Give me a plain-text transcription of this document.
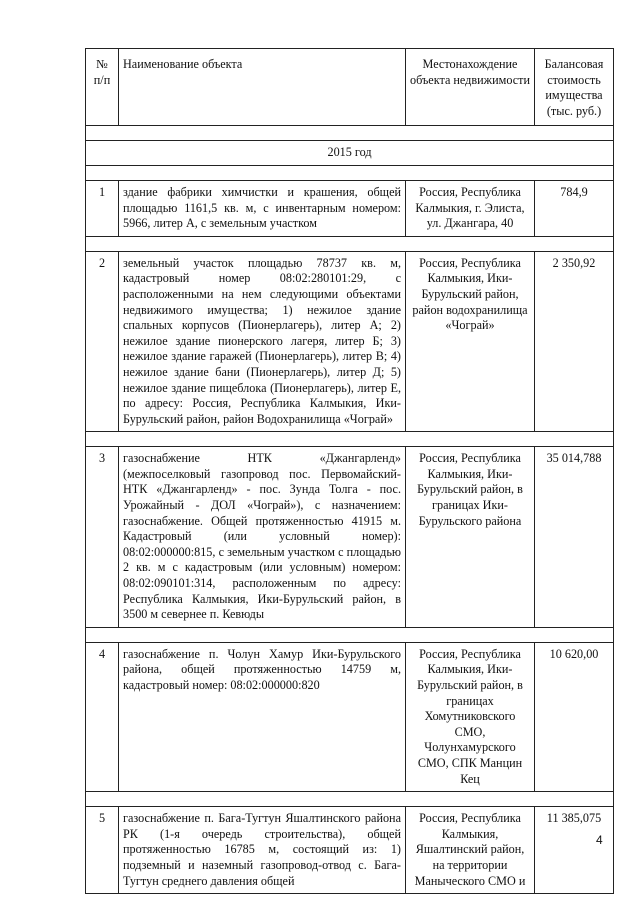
№ п/п	Наименование объекта	Местонахождение объекта недвижимости	Балансовая стоимость имущества (тыс. руб.)

2015 год			

1	здание фабрики химчистки и крашения, общей площадью 1161,5 кв. м, с инвентарным номером: 5966, литер А, с земельным участком	Россия, Республика Калмыкия, г. Элиста, ул. Джангара, 40	784,9

2	земельный участок площадью 78737 кв. м, кадастровый номер 08:02:280101:29, с расположенными на нем следующими объектами недвижимого имущества; 1) нежилое здание спальных корпусов (Пионерлагерь), литер А; 2) нежилое здание пионерского лагеря, литер Б; 3) нежилое здание гаражей (Пионерлагерь), литер В; 4) нежилое здание бани (Пионерлагерь), литер Д; 5) нежилое здание пищеблока (Пионерлагерь), литер Е, по адресу: Россия, Республика Калмыкия, Ики-Бурульский район, район Водохранилища «Чограй»	Россия, Республика Калмыкия, Ики-Бурульский район, район водохранилища «Чограй»	2 350,92

3	газоснабжение НТК «Джангарленд» (межпоселковый газопровод пос. Первомайский-НТК «Джангарленд» - пос. Зунда Толга - пос. Урожайный - ДОЛ «Чограй»), с назначением: газоснабжение. Общей протяженностью 41915 м. Кадастровый (или условный номер): 08:02:000000:815, с земельным участком с площадью 2 кв. м с кадастровым (или условным) номером: 08:02:090101:314, расположенным по адресу: Республика Калмыкия, Ики-Бурульский район, в 3500 м севернее п. Кевюды	Россия, Республика Калмыкия, Ики-Бурульский район, в границах Ики-Бурульского района	35 014,788

4	газоснабжение п. Чолун Хамур Ики-Бурульского района, общей протяженностью 14759 м, кадастровый номер: 08:02:000000:820	Россия, Республика Калмыкия, Ики-Бурульский район, в границах Хомутниковского СМО, Чолунхамурского СМО, СПК Манцин Кец	10 620,00

5	газоснабжение п. Бага-Тугтун Яшалтинского района РК (1-я очередь строительства), общей протяженностью 16785 м, состоящий из: 1) подземный и наземный газопровод-отвод с. Бага-Тугтун среднего давления общей	Россия, Республика Калмыкия, Яшалтинский район, на территории Маныческого СМО и	11 385,075
4
